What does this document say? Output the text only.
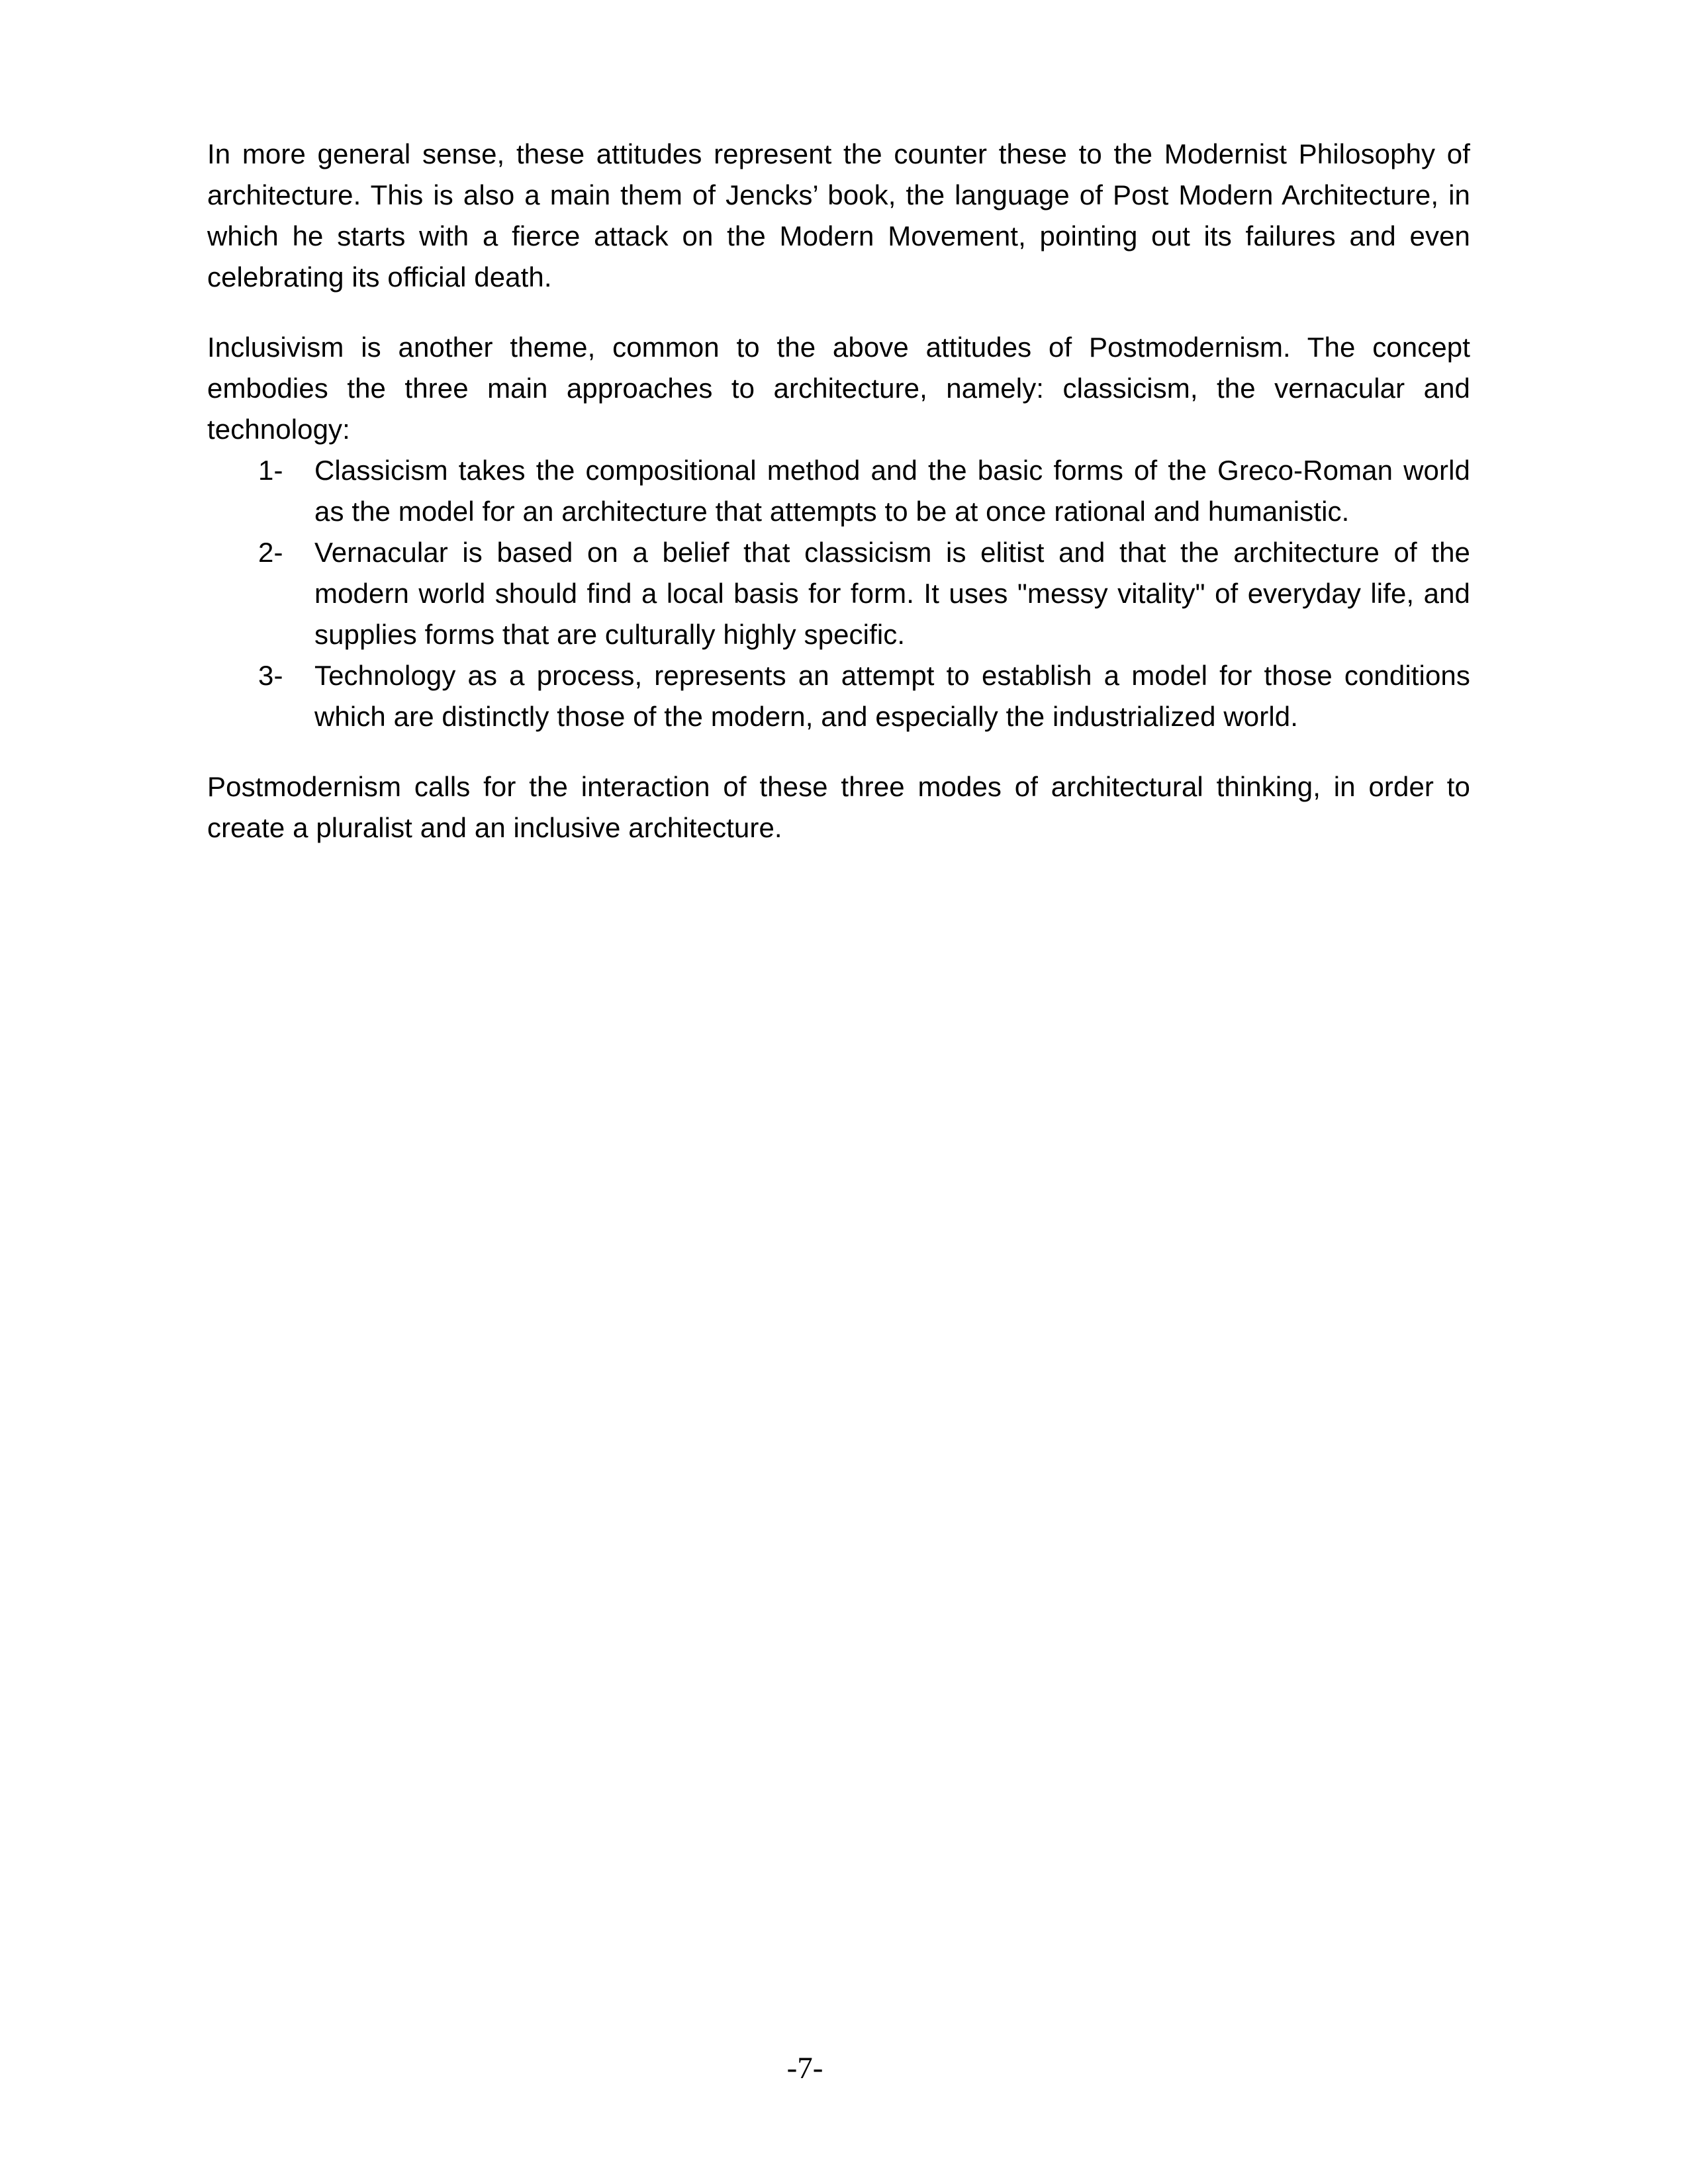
In more general sense, these attitudes represent the counter these to the Modernist Philosophy of architecture. This is also a main them of Jencks’ book, the language of Post Modern Architecture, in which he starts with a fierce attack on the Modern Movement, pointing out its failures and even celebrating its official death.

Inclusivism is another theme, common to the above attitudes of Postmodernism. The concept embodies the three main approaches to architecture, namely: classicism, the vernacular and technology:

1-	Classicism takes the compositional method and the basic forms of the Greco-Roman world as the model for an architecture that attempts to be at once rational and humanistic.
2-	Vernacular is based on a belief that classicism is elitist and that the architecture of the modern world should find a local basis for form. It uses "messy vitality" of everyday life, and supplies forms that are culturally highly specific.
3-	Technology as a process, represents an attempt to establish a model for those conditions which are distinctly those of the modern, and especially the industrialized world.

Postmodernism calls for the interaction of these three modes of architectural thinking, in order to create a pluralist and an inclusive architecture.

-7-
